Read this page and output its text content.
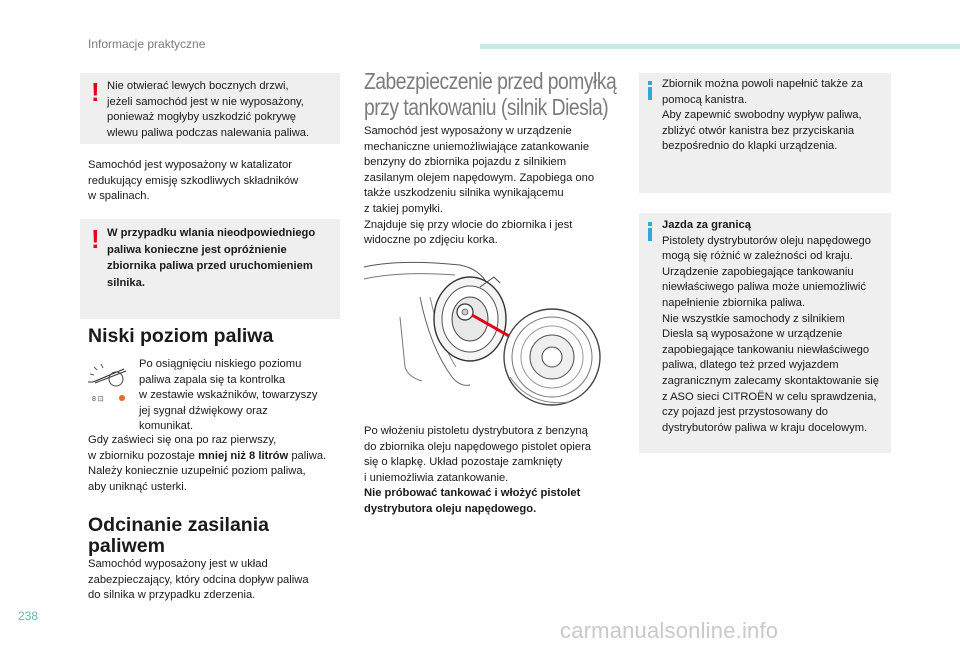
Informacje praktyczne
! Nie otwierać lewych bocznych drzwi,
jeżeli samochód jest w nie wyposażony,
ponieważ mogłyby uszkodzić pokrywę
wlewu paliwa podczas nalewania paliwa.
Samochód jest wyposażony w katalizator
redukujący emisję szkodliwych składników
w spalinach.
! W przypadku wlania nieodpowiedniego
paliwa konieczne jest opróżnienie
zbiornika paliwa przed uruchomieniem
silnika.
Niski poziom paliwa
8 ⊡
Po osiągnięciu niskiego poziomu
paliwa zapala się ta kontrolka
w zestawie wskaźników, towarzyszy
jej sygnał dźwiękowy oraz
komunikat.
Gdy zaświeci się ona po raz pierwszy,
w zbiorniku pozostaje mniej niż 8 litrów paliwa.
Należy koniecznie uzupełnić poziom paliwa,
aby uniknąć usterki.
Odcinanie zasilania
paliwem
Samochód wyposażony jest w układ
zabezpieczający, który odcina dopływ paliwa
do silnika w przypadku zderzenia.
Zabezpieczenie przed pomyłką
przy tankowaniu (silnik Diesla)
Samochód jest wyposażony w urządzenie
mechaniczne uniemożliwiające zatankowanie
benzyny do zbiornika pojazdu z silnikiem
zasilanym olejem napędowym. Zapobiega ono
także uszkodzeniu silnika wynikającemu
z takiej pomyłki.
Znajduje się przy wlocie do zbiornika i jest
widoczne po zdjęciu korka.
Po włożeniu pistoletu dystrybutora z benzyną
do zbiornika oleju napędowego pistolet opiera
się o klapkę. Układ pozostaje zamknięty
i uniemożliwia zatankowanie.
Nie próbować tankować i włożyć pistolet
dystrybutora oleju napędowego.
Zbiornik można powoli napełnić także za
pomocą kanistra.
Aby zapewnić swobodny wypływ paliwa,
zbliżyć otwór kanistra bez przyciskania
bezpośrednio do klapki urządzenia.
Jazda za granicą
Pistolety dystrybutorów oleju napędowego
mogą się różnić w zależności od kraju.
Urządzenie zapobiegające tankowaniu
niewłaściwego paliwa może uniemożliwić
napełnienie zbiornika paliwa.
Nie wszystkie samochody z silnikiem
Diesla są wyposażone w urządzenie
zapobiegające tankowaniu niewłaściwego
paliwa, dlatego też przed wyjazdem
zagranicznym zalecamy skontaktowanie się
z ASO sieci CITROËN w celu sprawdzenia,
czy pojazd jest przystosowany do
dystrybutorów paliwa w kraju docelowym.
238
carmanualsonline.info
